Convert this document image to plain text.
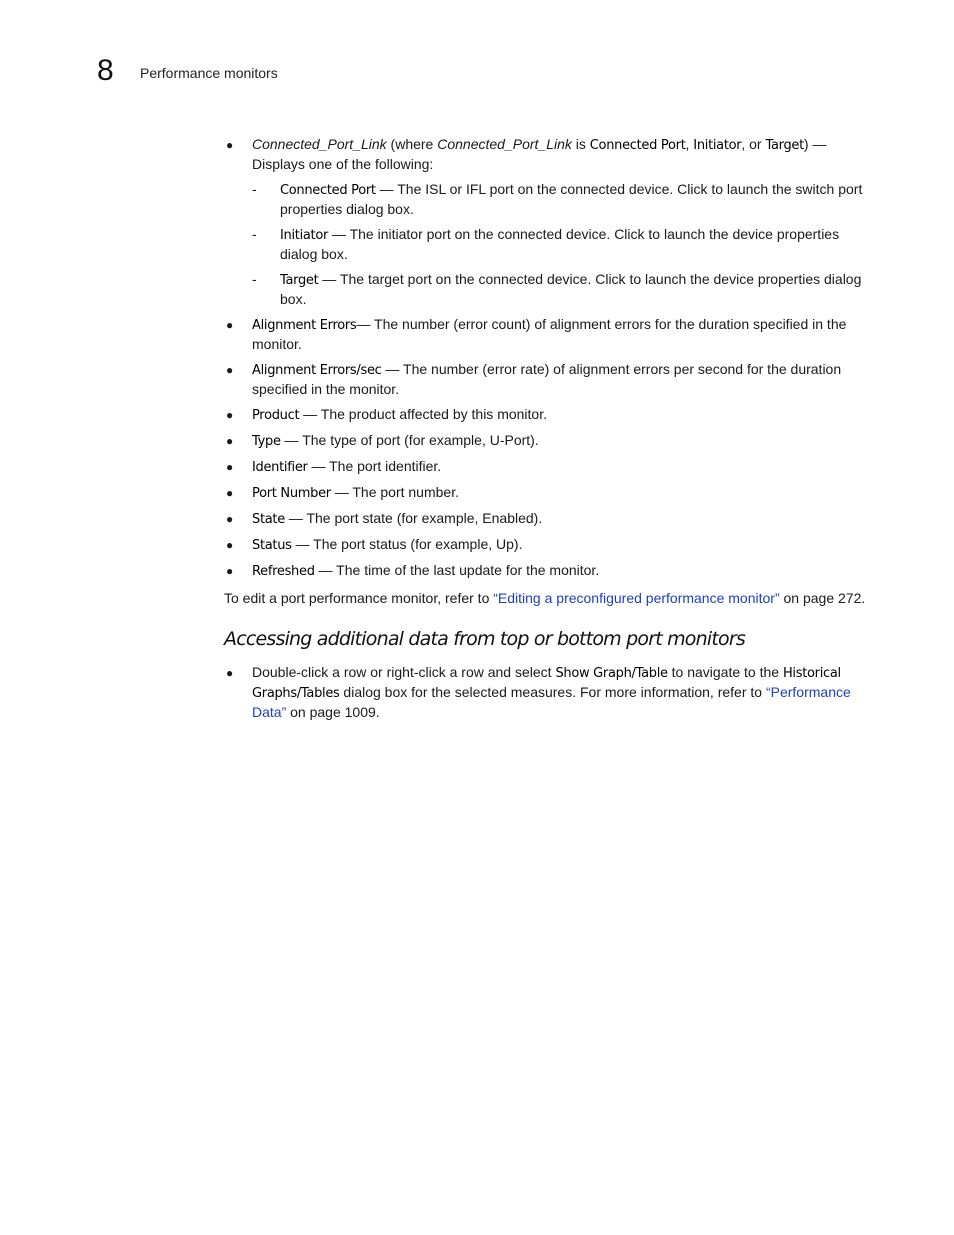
8 Performance monitors
● Connected_Port_Link (where Connected_Port_Link is Connected Port, Initiator, or Target) — Displays one of the following:
- Connected Port — The ISL or IFL port on the connected device. Click to launch the switch port properties dialog box.
- Initiator — The initiator port on the connected device. Click to launch the device properties dialog box.
- Target — The target port on the connected device. Click to launch the device properties dialog box.
● Alignment Errors— The number (error count) of alignment errors for the duration specified in the monitor.
● Alignment Errors/sec — The number (error rate) of alignment errors per second for the duration specified in the monitor.
● Product — The product affected by this monitor.
● Type — The type of port (for example, U-Port).
● Identifier — The port identifier.
● Port Number — The port number.
● State — The port state (for example, Enabled).
● Status — The port status (for example, Up).
● Refreshed — The time of the last update for the monitor.

To edit a port performance monitor, refer to “Editing a preconfigured performance monitor” on page 272.

Accessing additional data from top or bottom port monitors
● Double-click a row or right-click a row and select Show Graph/Table to navigate to the Historical Graphs/Tables dialog box for the selected measures. For more information, refer to “Performance Data” on page 1009.
